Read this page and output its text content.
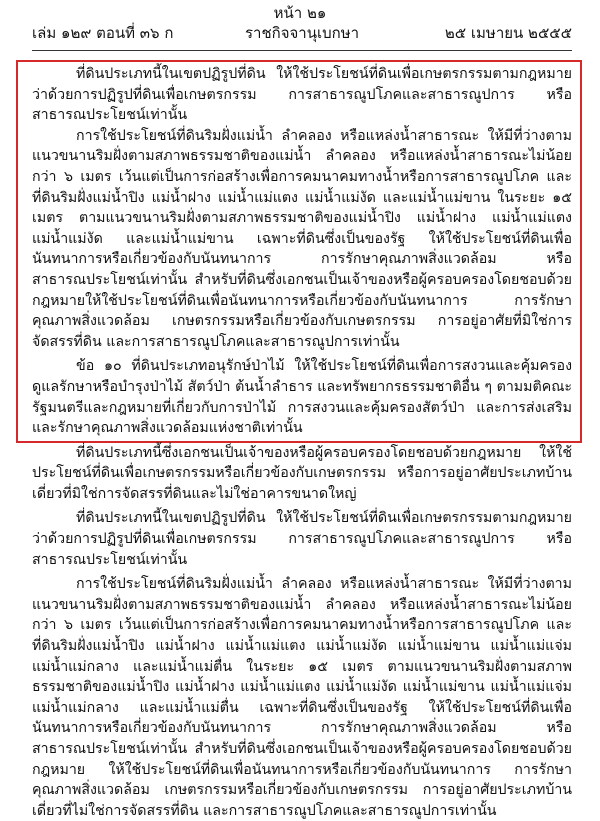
หน้า ๒๑
เล่ม ๑๒๙ ตอนที่ ๓๖ ก	ราชกิจจานุเบกษา	๒๕ เมษายน ๒๕๕๕

ที่ดินประเภทนี้ในเขตปฏิรูปที่ดิน ให้ใช้ประโยชน์ที่ดินเพื่อเกษตรกรรมตามกฎหมายว่าด้วยการปฏิรูปที่ดินเพื่อเกษตรกรรม การสาธารณูปโภคและสาธารณูปการ หรือสาธารณประโยชน์เท่านั้น

การใช้ประโยชน์ที่ดินริมฝั่งแม่น้ำ ลำคลอง หรือแหล่งน้ำสาธารณะ ให้มีที่ว่างตามแนวขนานริมฝั่งตามสภาพธรรมชาติของแม่น้ำ ลำคลอง หรือแหล่งน้ำสาธารณะไม่น้อยกว่า ๖ เมตร เว้นแต่เป็นการก่อสร้างเพื่อการคมนาคมทางน้ำหรือการสาธารณูปโภค และที่ดินริมฝั่งแม่น้ำปิง แม่น้ำฝาง แม่น้ำแม่แตง แม่น้ำแม่งัด และแม่น้ำแม่ขาน ในระยะ ๑๕ เมตร ตามแนวขนานริมฝั่งตามสภาพธรรมชาติของแม่น้ำปิง แม่น้ำฝาง แม่น้ำแม่แตง แม่น้ำแม่งัด และแม่น้ำแม่ขาน เฉพาะที่ดินซึ่งเป็นของรัฐ ให้ใช้ประโยชน์ที่ดินเพื่อนันทนาการหรือเกี่ยวข้องกับนันทนาการ การรักษาคุณภาพสิ่งแวดล้อม หรือสาธารณประโยชน์เท่านั้น สำหรับที่ดินซึ่งเอกชนเป็นเจ้าของหรือผู้ครอบครองโดยชอบด้วยกฎหมายให้ใช้ประโยชน์ที่ดินเพื่อนันทนาการหรือเกี่ยวข้องกับนันทนาการ การรักษาคุณภาพสิ่งแวดล้อม เกษตรกรรมหรือเกี่ยวข้องกับเกษตรกรรม การอยู่อาศัยที่มิใช่การจัดสรรที่ดิน และการสาธารณูปโภคและสาธารณูปการเท่านั้น

ข้อ ๑๐ ที่ดินประเภทอนุรักษ์ป่าไม้ ให้ใช้ประโยชน์ที่ดินเพื่อการสงวนและคุ้มครอง ดูแลรักษาหรือบำรุงป่าไม้ สัตว์ป่า ต้นน้ำลำธาร และทรัพยากรธรรมชาติอื่น ๆ ตามมติคณะรัฐมนตรีและกฎหมายที่เกี่ยวกับการป่าไม้ การสงวนและคุ้มครองสัตว์ป่า และการส่งเสริมและรักษาคุณภาพสิ่งแวดล้อมแห่งชาติเท่านั้น

ที่ดินประเภทนี้ซึ่งเอกชนเป็นเจ้าของหรือผู้ครอบครองโดยชอบด้วยกฎหมาย ให้ใช้ประโยชน์ที่ดินเพื่อเกษตรกรรมหรือเกี่ยวข้องกับเกษตรกรรม หรือการอยู่อาศัยประเภทบ้านเดี่ยวที่มิใช่การจัดสรรที่ดินและไม่ใช่อาคารขนาดใหญ่

ที่ดินประเภทนี้ในเขตปฏิรูปที่ดิน ให้ใช้ประโยชน์ที่ดินเพื่อเกษตรกรรมตามกฎหมายว่าด้วยการปฏิรูปที่ดินเพื่อเกษตรกรรม การสาธารณูปโภคและสาธารณูปการ หรือสาธารณประโยชน์เท่านั้น

การใช้ประโยชน์ที่ดินริมฝั่งแม่น้ำ ลำคลอง หรือแหล่งน้ำสาธารณะ ให้มีที่ว่างตามแนวขนานริมฝั่งตามสภาพธรรมชาติของแม่น้ำ ลำคลอง หรือแหล่งน้ำสาธารณะไม่น้อยกว่า ๖ เมตร เว้นแต่เป็นการก่อสร้างเพื่อการคมนาคมทางน้ำหรือการสาธารณูปโภค และที่ดินริมฝั่งแม่น้ำปิง แม่น้ำฝาง แม่น้ำแม่แตง แม่น้ำแม่งัด แม่น้ำแม่ขาน แม่น้ำแม่แจ่ม แม่น้ำแม่กลาง และแม่น้ำแม่ตื่น ในระยะ ๑๕ เมตร ตามแนวขนานริมฝั่งตามสภาพธรรมชาติของแม่น้ำปิง แม่น้ำฝาง แม่น้ำแม่แตง แม่น้ำแม่งัด แม่น้ำแม่ขาน แม่น้ำแม่แจ่ม แม่น้ำแม่กลาง และแม่น้ำแม่ตื่น เฉพาะที่ดินซึ่งเป็นของรัฐ ให้ใช้ประโยชน์ที่ดินเพื่อนันทนาการหรือเกี่ยวข้องกับนันทนาการ การรักษาคุณภาพสิ่งแวดล้อม หรือสาธารณประโยชน์เท่านั้น สำหรับที่ดินซึ่งเอกชนเป็นเจ้าของหรือผู้ครอบครองโดยชอบด้วยกฎหมาย ให้ใช้ประโยชน์ที่ดินเพื่อนันทนาการหรือเกี่ยวข้องกับนันทนาการ การรักษาคุณภาพสิ่งแวดล้อม เกษตรกรรมหรือเกี่ยวข้องกับเกษตรกรรม การอยู่อาศัยประเภทบ้านเดี่ยวที่ไม่ใช่การจัดสรรที่ดิน และการสาธารณูปโภคและสาธารณูปการเท่านั้น
